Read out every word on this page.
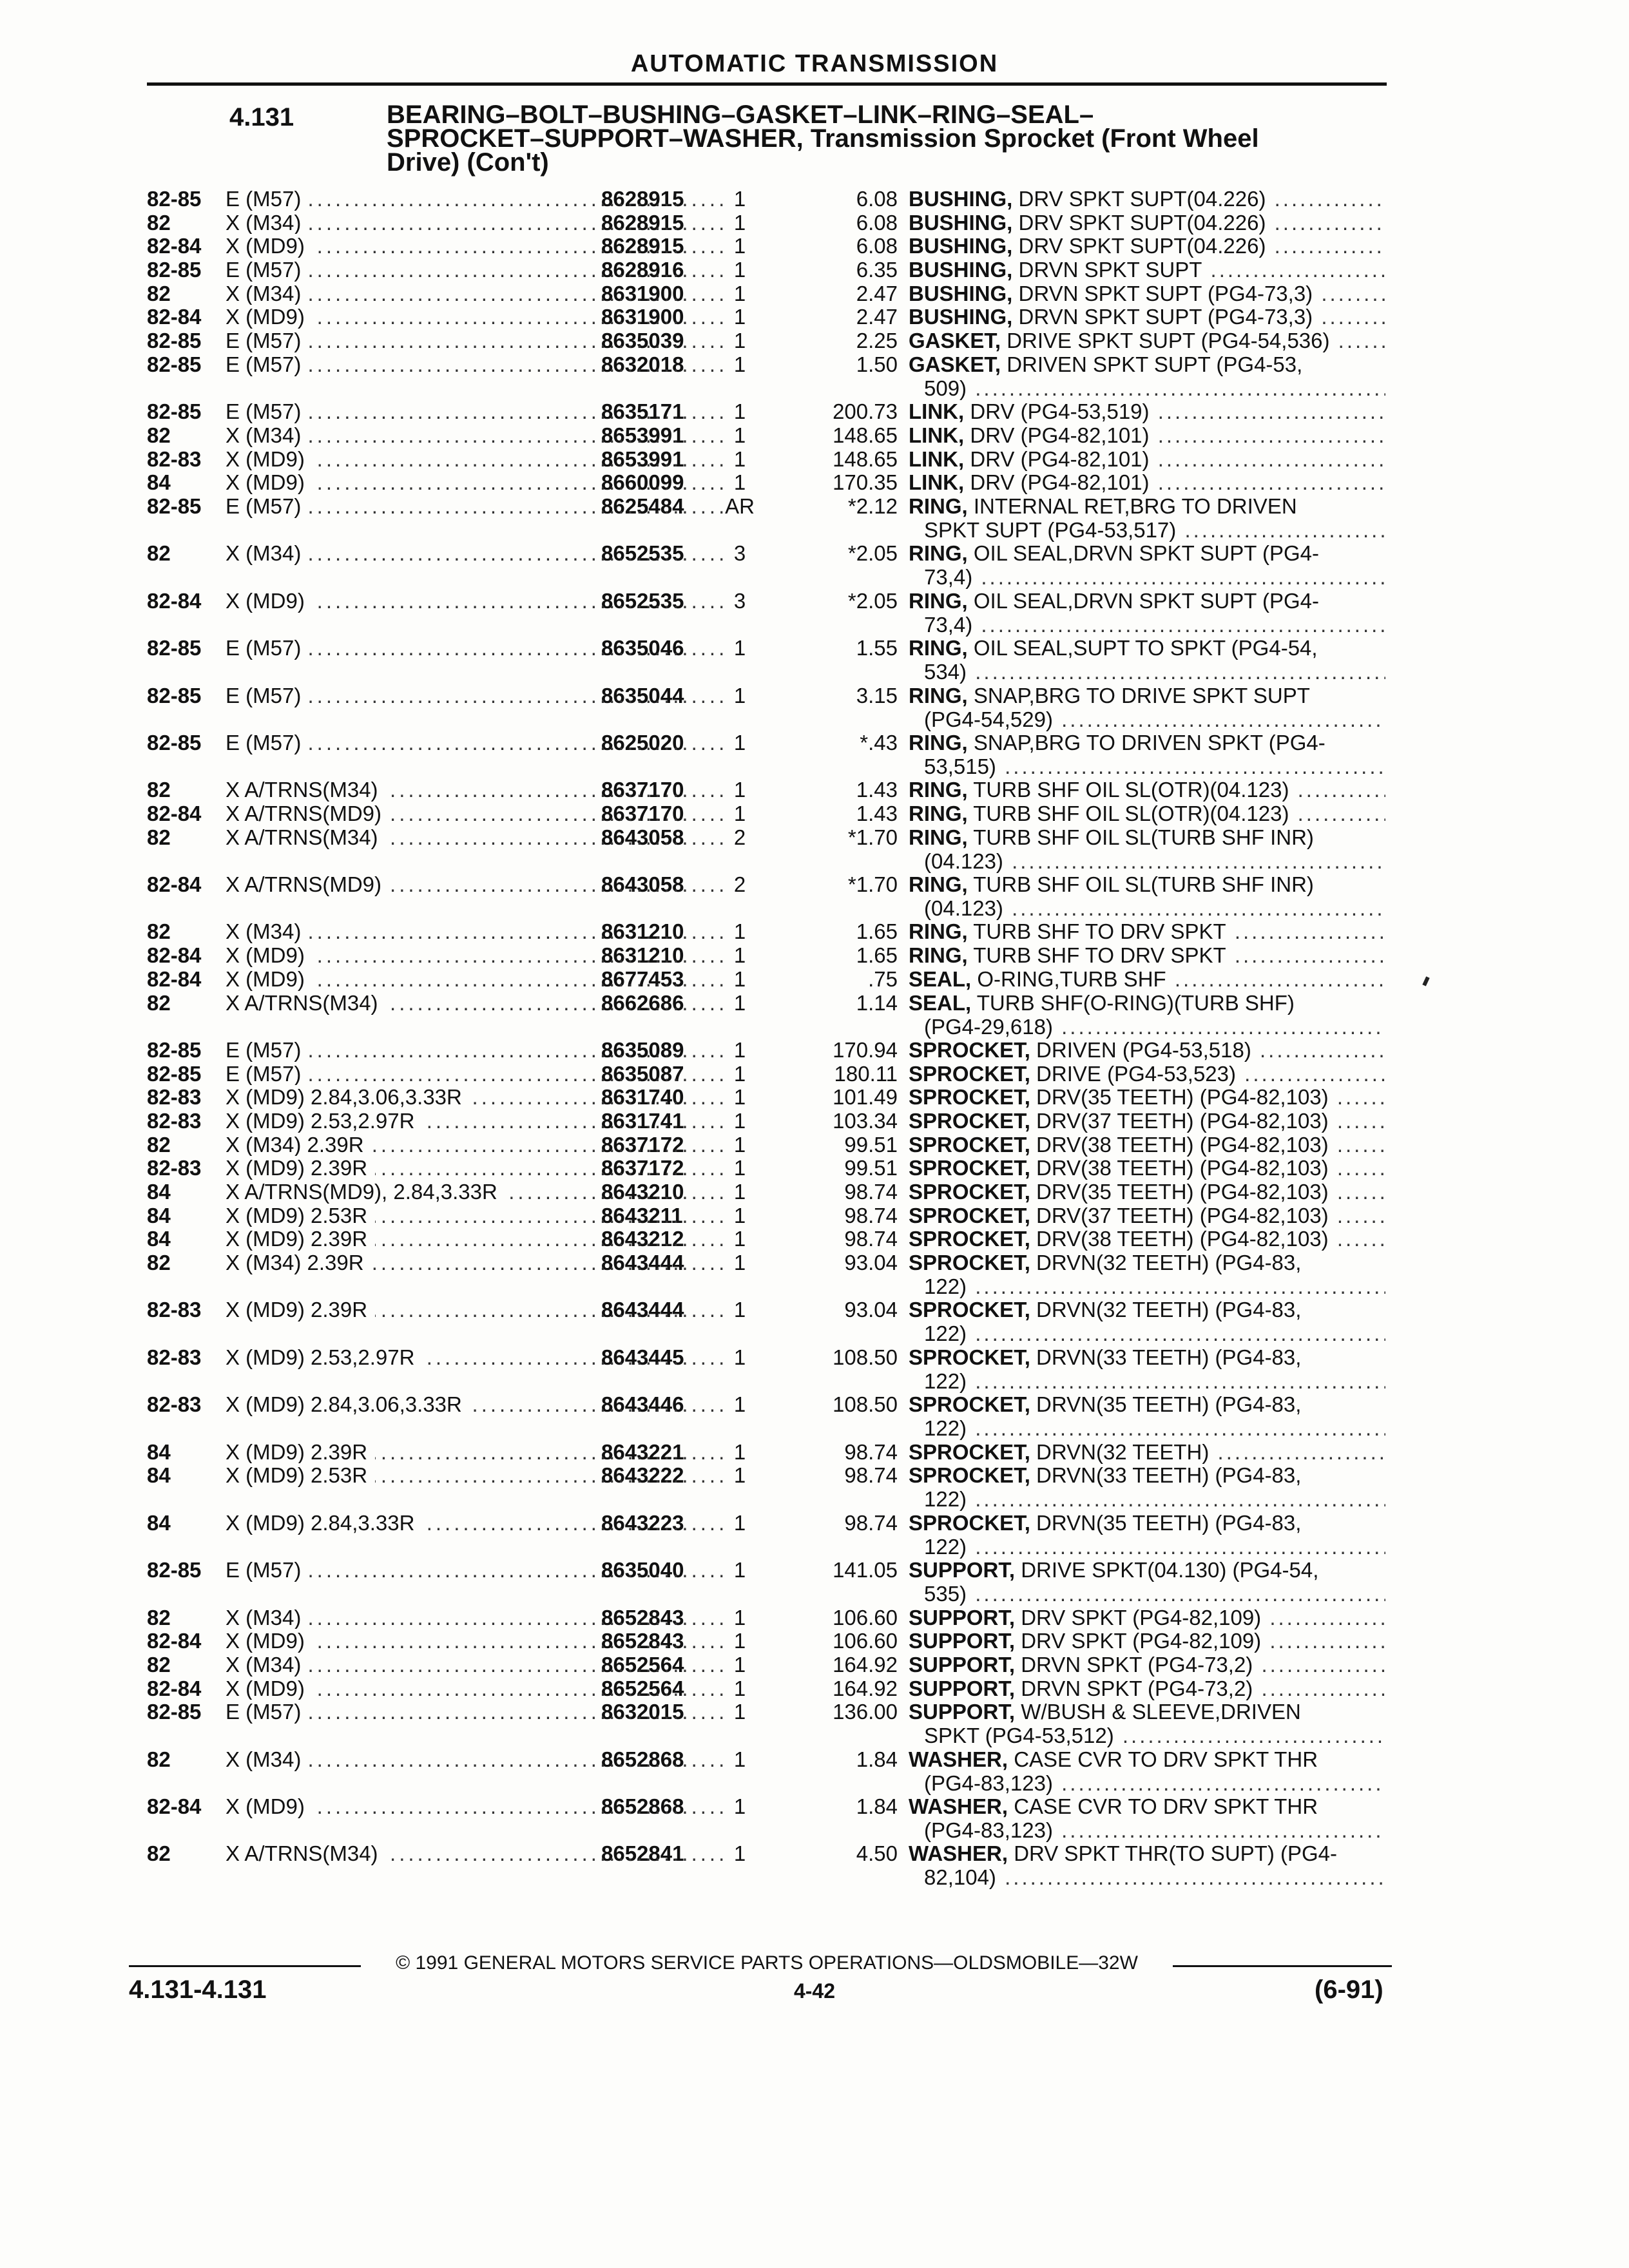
AUTOMATIC TRANSMISSION
4.131	BEARING–BOLT–BUSHING–GASKET–LINK–RING–SEAL–
SPROCKET–SUPPORT–WASHER, Transmission Sprocket (Front Wheel
Drive) (Con't)
82-85 E (M57) .....	8628915	1	6.08 BUSHING, DRV SPKT SUPT(04.226) .....
82	X (M34) .....	8628915	1	6.08 BUSHING, DRV SPKT SUPT(04.226) .....
82-84 X (MD9) .....	8628915	1	6.08 BUSHING, DRV SPKT SUPT(04.226) .....
82-85 E (M57) .....	8628916	1	6.35 BUSHING, DRVN SPKT SUPT .....
82	X (M34) .....	8631900	1	2.47 BUSHING, DRVN SPKT SUPT (PG4-73,3) .....
82-84 X (MD9) .....	8631900	1	2.47 BUSHING, DRVN SPKT SUPT (PG4-73,3) .....
82-85 E (M57) .....	8635039	1	2.25 GASKET, DRIVE SPKT SUPT (PG4-54,536) .....
82-85 E (M57) .....	8632018	1	1.50 GASKET, DRIVEN SPKT SUPT (PG4-53,
509) .....
82-85 E (M57) .....	8635171	1	200.73 LINK, DRV (PG4-53,519) .....
82	X (M34) .....	8653991	1	148.65 LINK, DRV (PG4-82,101) .....
82-83 X (MD9) .....	8653991	1	148.65 LINK, DRV (PG4-82,101) .....
84	X (MD9) .....	8660099	1	170.35 LINK, DRV (PG4-82,101) .....
82-85 E (M57) .....	8625484 AR	*2.12 RING, INTERNAL RET,BRG TO DRIVEN
SPKT SUPT (PG4-53,517) .....
82	X (M34) .....	8652535	3	*2.05 RING, OIL SEAL,DRVN SPKT SUPT (PG4-
73,4) .....
82-84 X (MD9) .....	8652535	3	*2.05 RING, OIL SEAL,DRVN SPKT SUPT (PG4-
73,4) .....
82-85 E (M57) .....	8635046	1	1.55 RING, OIL SEAL,SUPT TO SPKT (PG4-54,
534) .....
82-85 E (M57) .....	8635044	1	3.15 RING, SNAP,BRG TO DRIVE SPKT SUPT
(PG4-54,529) .....
82-85 E (M57) .....	8625020	1	*.43 RING, SNAP,BRG TO DRIVEN SPKT (PG4-
53,515) .....
82	X A/TRNS(M34) .....	8637170	1	1.43 RING, TURB SHF OIL SL(OTR)(04.123) .....
82-84 X A/TRNS(MD9) .....	8637170	1	1.43 RING, TURB SHF OIL SL(OTR)(04.123) .....
82	X A/TRNS(M34) .....	8643058	2	*1.70 RING, TURB SHF OIL SL(TURB SHF INR)
(04.123) .....
82-84 X A/TRNS(MD9) .....	8643058	2	*1.70 RING, TURB SHF OIL SL(TURB SHF INR)
(04.123) .....
82	X (M34) .....	8631210	1	1.65 RING, TURB SHF TO DRV SPKT .....
82-84 X (MD9) .....	8631210	1	1.65 RING, TURB SHF TO DRV SPKT .....
82-84 X (MD9) .....	8677453	1	.75 SEAL, O-RING,TURB SHF .....
82	X A/TRNS(M34) .....	8662686	1	1.14 SEAL, TURB SHF(O-RING)(TURB SHF)
(PG4-29,618) .....
82-85 E (M57) .....	8635089	1	170.94 SPROCKET, DRIVEN (PG4-53,518) .....
82-85 E (M57) .....	8635087	1	180.11 SPROCKET, DRIVE (PG4-53,523) .....
82-83 X (MD9) 2.84,3.06,3.33R .....	8631740	1	101.49 SPROCKET, DRV(35 TEETH) (PG4-82,103) .....
82-83 X (MD9) 2.53,2.97R .....	8631741	1	103.34 SPROCKET, DRV(37 TEETH) (PG4-82,103) .....
82	X (M34) 2.39R .....	8637172	1	99.51 SPROCKET, DRV(38 TEETH) (PG4-82,103) .....
82-83 X (MD9) 2.39R .....	8637172	1	99.51 SPROCKET, DRV(38 TEETH) (PG4-82,103) .....
84	X A/TRNS(MD9), 2.84,3.33R .....	8643210	1	98.74 SPROCKET, DRV(35 TEETH) (PG4-82,103) .....
84	X (MD9) 2.53R .....	8643211	1	98.74 SPROCKET, DRV(37 TEETH) (PG4-82,103) .....
84	X (MD9) 2.39R .....	8643212	1	98.74 SPROCKET, DRV(38 TEETH) (PG4-82,103) .....
82	X (M34) 2.39R .....	8643444	1	93.04 SPROCKET, DRVN(32 TEETH) (PG4-83,
122) .....
82-83 X (MD9) 2.39R .....	8643444	1	93.04 SPROCKET, DRVN(32 TEETH) (PG4-83,
122) .....
82-83 X (MD9) 2.53,2.97R .....	8643445	1	108.50 SPROCKET, DRVN(33 TEETH) (PG4-83,
122) .....
82-83 X (MD9) 2.84,3.06,3.33R .....	8643446	1	108.50 SPROCKET, DRVN(35 TEETH) (PG4-83,
122) .....
84	X (MD9) 2.39R .....	8643221	1	98.74 SPROCKET, DRVN(32 TEETH) .....
84	X (MD9) 2.53R .....	8643222	1	98.74 SPROCKET, DRVN(33 TEETH) (PG4-83,
122) .....
84	X (MD9) 2.84,3.33R .....	8643223	1	98.74 SPROCKET, DRVN(35 TEETH) (PG4-83,
122) .....
82-85 E (M57) .....	8635040	1	141.05 SUPPORT, DRIVE SPKT(04.130) (PG4-54,
535) .....
82	X (M34) .....	8652843	1	106.60 SUPPORT, DRV SPKT (PG4-82,109) .....
82-84 X (MD9) .....	8652843	1	106.60 SUPPORT, DRV SPKT (PG4-82,109) .....
82	X (M34) .....	8652564	1	164.92 SUPPORT, DRVN SPKT (PG4-73,2) .....
82-84 X (MD9) .....	8652564	1	164.92 SUPPORT, DRVN SPKT (PG4-73,2) .....
82-85 E (M57) .....	8632015	1	136.00 SUPPORT, W/BUSH & SLEEVE,DRIVEN
SPKT (PG4-53,512) .....
82	X (M34) .....	8652868	1	1.84 WASHER, CASE CVR TO DRV SPKT THR
(PG4-83,123) .....
82-84 X (MD9) .....	8652868	1	1.84 WASHER, CASE CVR TO DRV SPKT THR
(PG4-83,123) .....
82	X A/TRNS(M34) .....	8652841	1	4.50 WASHER, DRV SPKT THR(TO SUPT) (PG4-
82,104) .....
© 1991 GENERAL MOTORS SERVICE PARTS OPERATIONS—OLDSMOBILE—32W
4.131-4.131	4-42	(6-91)
